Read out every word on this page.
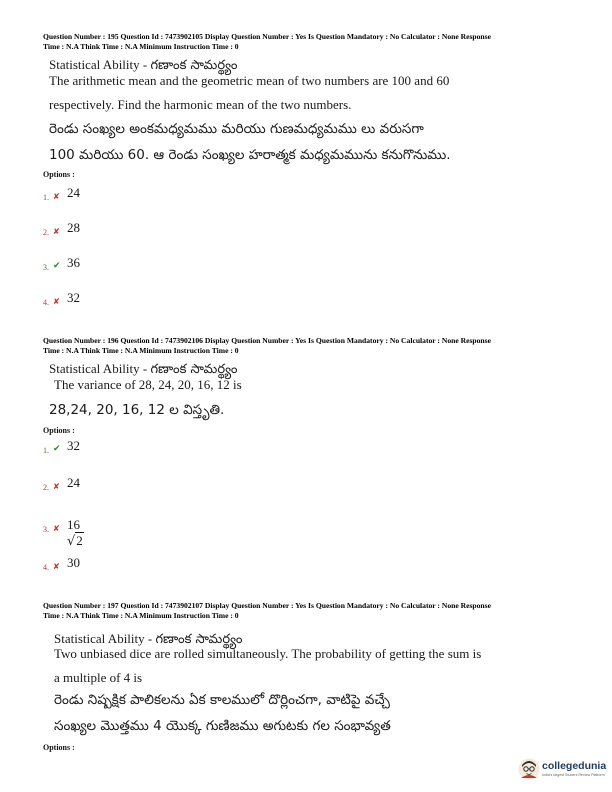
Question Number : 195 Question Id : 7473902105 Display Question Number : Yes Is Question Mandatory : No Calculator : None Response
Time : N.A Think Time : N.A Minimum Instruction Time : 0
Statistical Ability - గణాంక సామర్థ్యం
The arithmetic mean and the geometric mean of two numbers are 100 and 60
respectively. Find the harmonic mean of the two numbers.
రెండు సంఖ్యల అంకమధ్యమము మరియు గుణమధ్యమము లు వరుసగా
100 మరియు 60. ఆ రెండు సంఖ్యల హరాత్మక మధ్యమమును కనుగొనుము.
Options :
1. ✘ 24
2. ✘ 28
3. ✔ 36
4. ✘ 32
Question Number : 196 Question Id : 7473902106 Display Question Number : Yes Is Question Mandatory : No Calculator : None Response
Time : N.A Think Time : N.A Minimum Instruction Time : 0
Statistical Ability - గణాంక సామర్థ్యం
The variance of 28, 24, 20, 16, 12 is
28,24, 20, 16, 12 ల విస్తృతి.
Options :
1. ✔ 32
2. ✘ 24
3. ✘ 16√2
4. ✘ 30
Question Number : 197 Question Id : 7473902107 Display Question Number : Yes Is Question Mandatory : No Calculator : None Response
Time : N.A Think Time : N.A Minimum Instruction Time : 0
Statistical Ability - గణాంక సామర్థ్యం
Two unbiased dice are rolled simultaneously. The probability of getting the sum is
a multiple of 4 is
రెండు నిష్పక్షిక పాలికలను ఏక కాలములో దొర్లించగా, వాటిపై వచ్చే
సంఖ్యల మొత్తము 4 యొక్క గుణిజము అగుటకు గల సంభావ్యత
Options :
collegedunia
India's largest Student Review Platform
